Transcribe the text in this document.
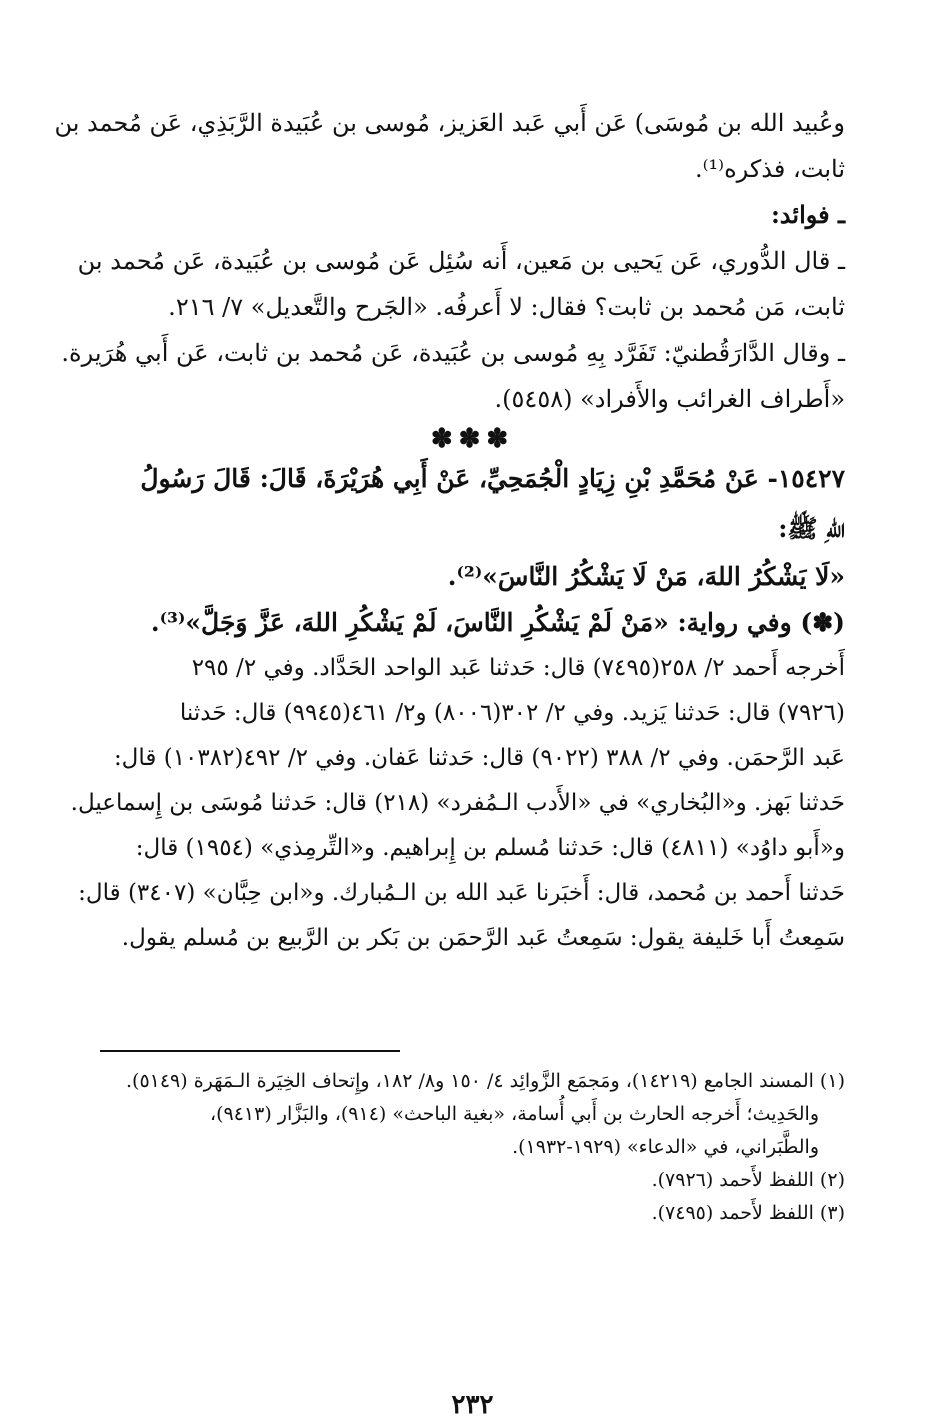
وعُبيد الله بن مُوسَى) عَن أَبي عَبد العَزيز، مُوسى بن عُبَيدة الرَّبَذِي، عَن مُحمد بن
ثابت، فذكره⁽¹⁾.
ـ فوائد:
ـ قال الدُّوري، عَن يَحيى بن مَعين، أَنه سُئِل عَن مُوسى بن عُبَيدة، عَن مُحمد بن
ثابت، مَن مُحمد بن ثابت؟ فقال: لا أَعرفُه. «الجَرح والتَّعديل» ٧/ ٢١٦.
ـ وقال الدَّارَقُطنيّ: تَفَرَّد بِهِ مُوسى بن عُبَيدة، عَن مُحمد بن ثابت، عَن أَبي هُرَيرة.
«أَطراف الغرائب والأَفراد» (٥٤٥٨).
✽✽✽
١٥٤٢٧- عَنْ مُحَمَّدِ بْنِ زِيَادٍ الْجُمَحِيِّ، عَنْ أَبِي هُرَيْرَةَ، قَالَ: قَالَ رَسُولُ
اللهِ ﷺ:
«لَا يَشْكُرُ اللهَ، مَنْ لَا يَشْكُرُ النَّاسَ»⁽²⁾.
(✽) وفي رواية: «مَنْ لَمْ يَشْكُرِ النَّاسَ، لَمْ يَشْكُرِ اللهَ، عَزَّ وَجَلَّ»⁽³⁾.
أَخرجه أَحمد ٢/ ٢٥٨(٧٤٩٥) قال: حَدثنا عَبد الواحد الحَدَّاد. وفي ٢/ ٢٩٥
(٧٩٢٦) قال: حَدثنا يَزيد. وفي ٢/ ٣٠٢(٨٠٠٦) و٢/ ٤٦١(٩٩٤٥) قال: حَدثنا
عَبد الرَّحمَن. وفي ٢/ ٣٨٨ (٩٠٢٢) قال: حَدثنا عَفان. وفي ٢/ ٤٩٢(١٠٣٨٢) قال:
حَدثنا بَهز. و«البُخاري» في «الأَدب الـمُفرد» (٢١٨) قال: حَدثنا مُوسَى بن إِسماعيل.
و«أَبو داوُد» (٤٨١١) قال: حَدثنا مُسلم بن إِبراهيم. و«التِّرمِذي» (١٩٥٤) قال:
حَدثنا أَحمد بن مُحمد، قال: أَخبَرنا عَبد الله بن الـمُبارك. و«ابن حِبَّان» (٣٤٠٧) قال:
سَمِعتُ أَبا خَليفة يقول: سَمِعتُ عَبد الرَّحمَن بن بَكر بن الرَّبيع بن مُسلم يقول.
(١) المسند الجامع (١٤٢١٩)، ومَجمَع الزَّوائِد ٤/ ١٥٠ و٨/ ١٨٢، وإِتحاف الخِيَرة الـمَهَرة (٥١٤٩).
والحَدِيث؛ أَخرجه الحارث بن أَبي أُسامة، «بغية الباحث» (٩١٤)، والبَزَّار (٩٤١٣)،
والطَّبَراني، في «الدعاء» (١٩٢٩-١٩٣٢).
(٢) اللفظ لأَحمد (٧٩٢٦).
(٣) اللفظ لأَحمد (٧٤٩٥).
٢٣٢
